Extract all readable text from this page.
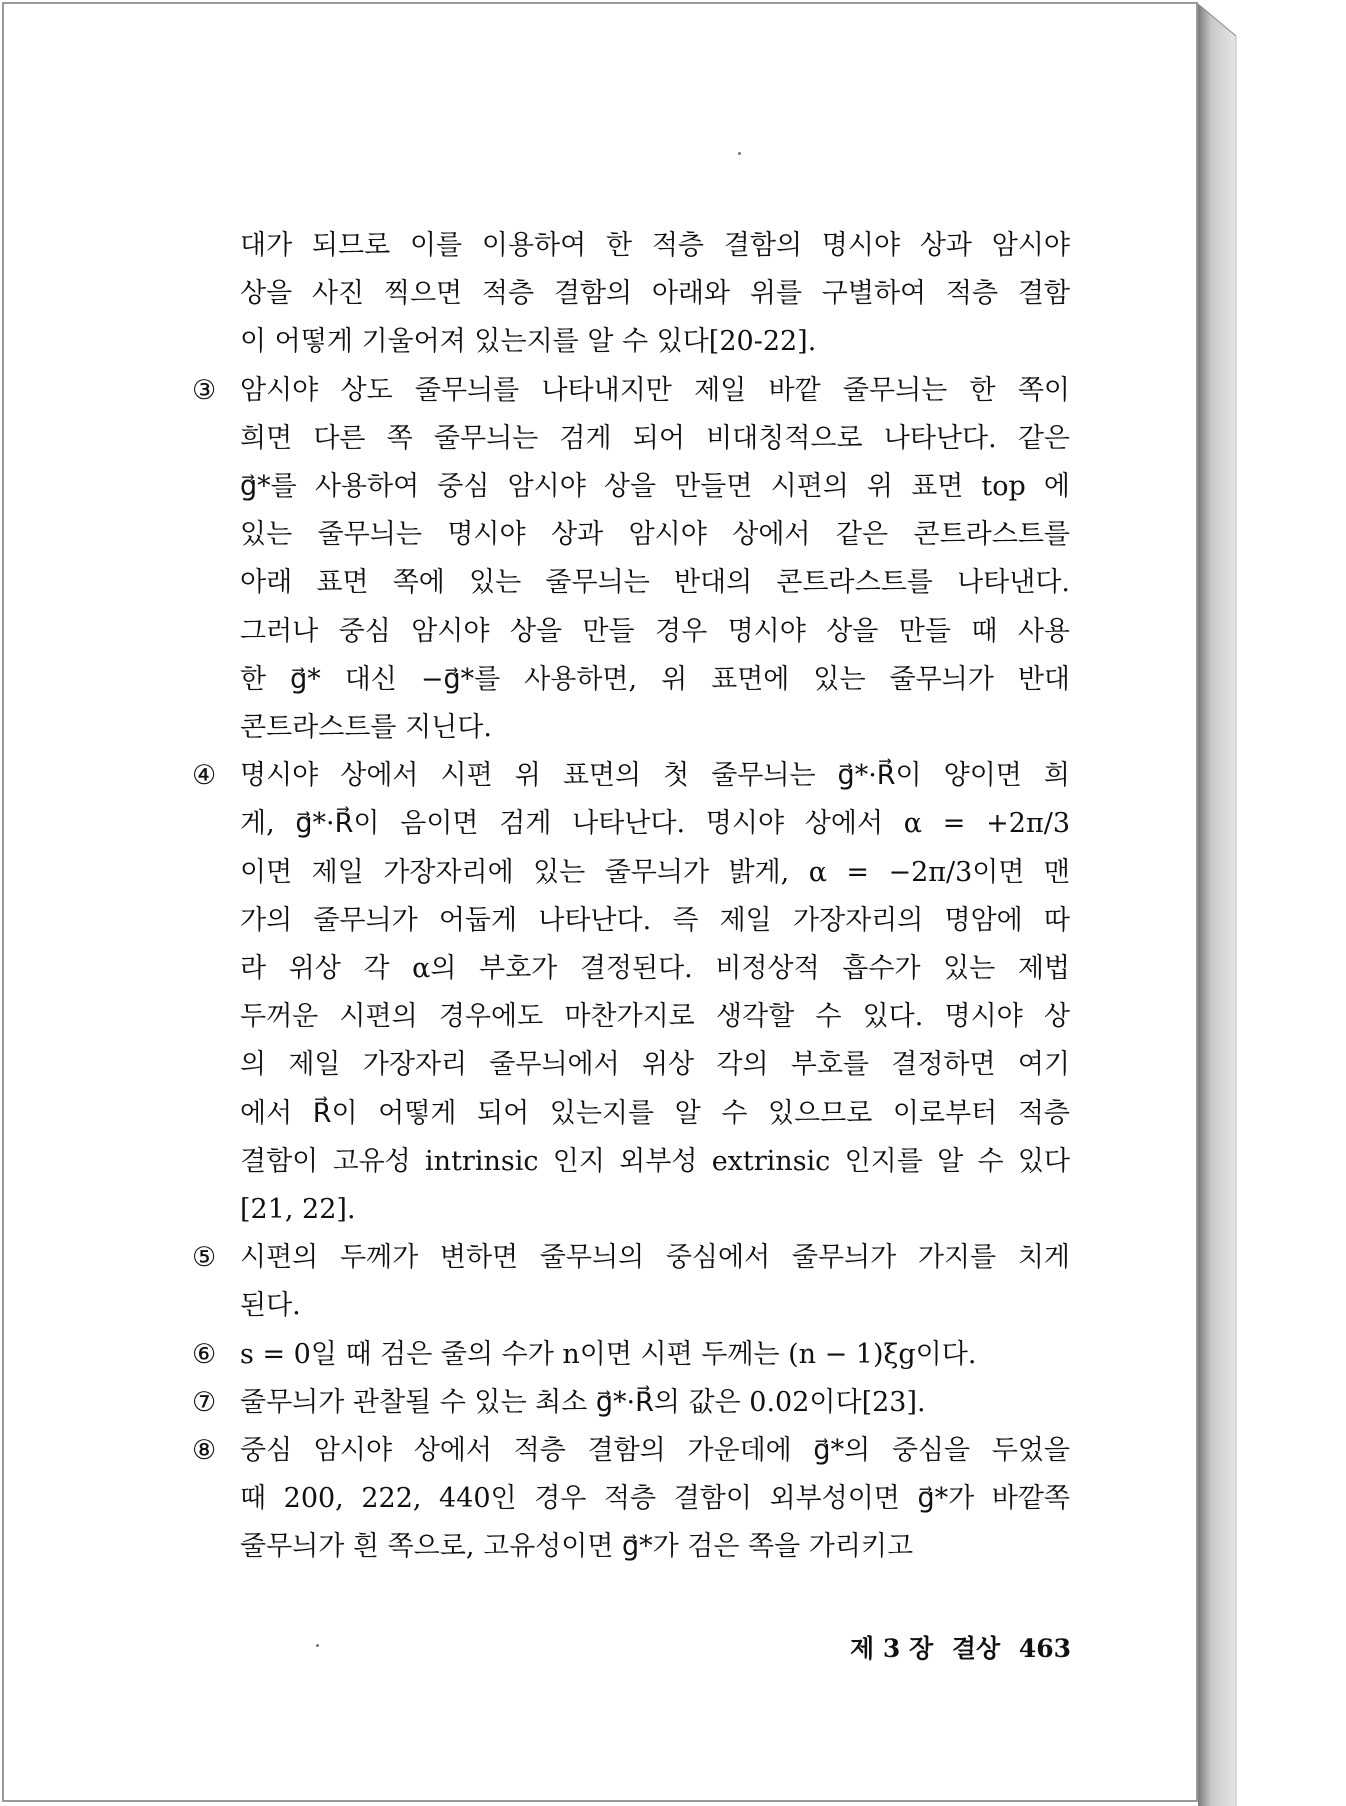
대가 되므로 이를 이용하여 한 적층 결함의 명시야 상과 암시야
상을 사진 찍으면 적층 결함의 아래와 위를 구별하여 적층 결함
이 어떻게 기울어져 있는지를 알 수 있다[20-22].
③ 암시야 상도 줄무늬를 나타내지만 제일 바깥 줄무늬는 한 쪽이
희면 다른 쪽 줄무늬는 검게 되어 비대칭적으로 나타난다. 같은
g⃗*를 사용하여 중심 암시야 상을 만들면 시편의 위 표면 top 에
있는 줄무늬는 명시야 상과 암시야 상에서 같은 콘트라스트를
아래 표면 쪽에 있는 줄무늬는 반대의 콘트라스트를 나타낸다.
그러나 중심 암시야 상을 만들 경우 명시야 상을 만들 때 사용
한 g⃗* 대신 −g⃗*를 사용하면, 위 표면에 있는 줄무늬가 반대
콘트라스트를 지닌다.
④ 명시야 상에서 시편 위 표면의 첫 줄무늬는 g⃗*·R⃗이 양이면 희
게, g⃗*·R⃗이 음이면 검게 나타난다. 명시야 상에서 α = +2π/3
이면 제일 가장자리에 있는 줄무늬가 밝게, α = −2π/3이면 맨
가의 줄무늬가 어둡게 나타난다. 즉 제일 가장자리의 명암에 따
라 위상 각 α의 부호가 결정된다. 비정상적 흡수가 있는 제법
두꺼운 시편의 경우에도 마찬가지로 생각할 수 있다. 명시야 상
의 제일 가장자리 줄무늬에서 위상 각의 부호를 결정하면 여기
에서 R⃗이 어떻게 되어 있는지를 알 수 있으므로 이로부터 적층
결함이 고유성 intrinsic 인지 외부성 extrinsic 인지를 알 수 있다
[21, 22].
⑤ 시편의 두께가 변하면 줄무늬의 중심에서 줄무늬가 가지를 치게
된다.
⑥ s = 0일 때 검은 줄의 수가 n이면 시편 두께는 (n − 1)ξg이다.
⑦ 줄무늬가 관찰될 수 있는 최소 g⃗*·R⃗의 값은 0.02이다[23].
⑧ 중심 암시야 상에서 적층 결함의 가운데에 g⃗*의 중심을 두었을
때 200, 222, 440인 경우 적층 결함이 외부성이면 g⃗*가 바깥쪽
줄무늬가 흰 쪽으로, 고유성이면 g⃗*가 검은 쪽을 가리키고
제 3 장 결상 463
